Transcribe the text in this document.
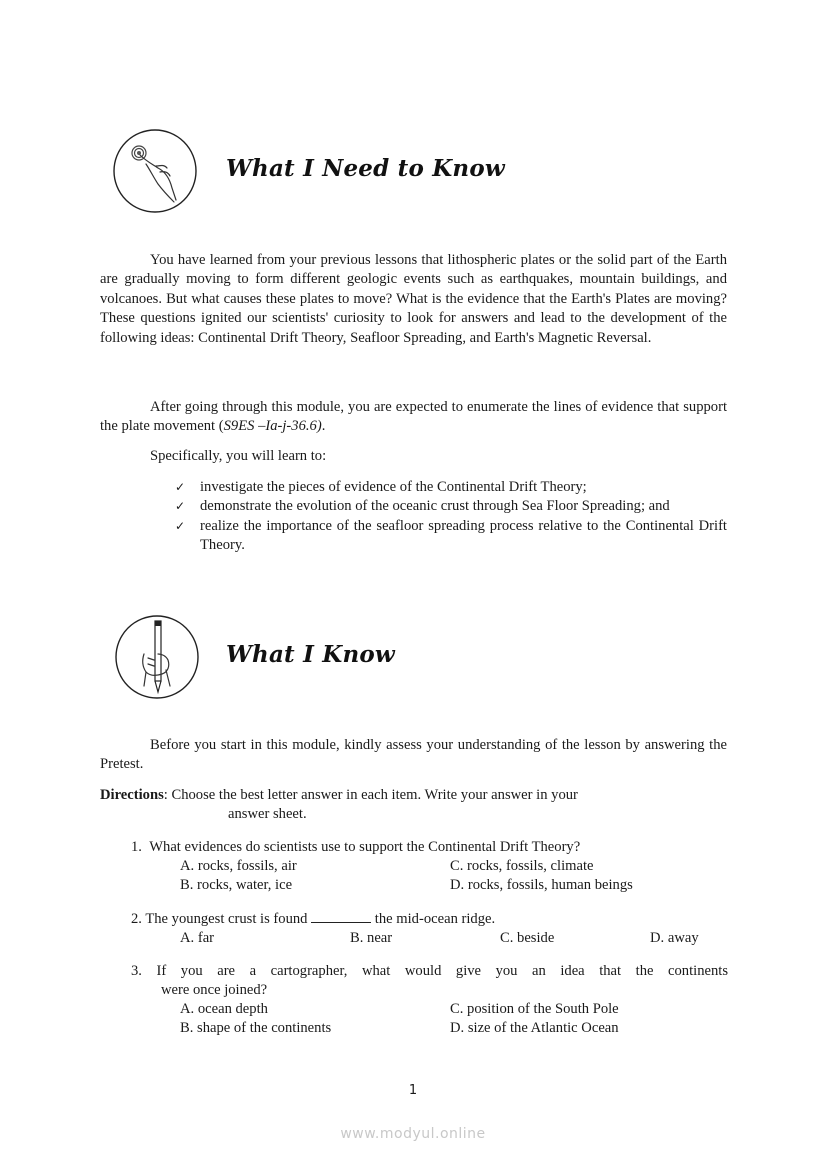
What I Need to Know
You have learned from your previous lessons that lithospheric plates or the solid part of the Earth are gradually moving to form different geologic events such as earthquakes, mountain buildings, and volcanoes. But what causes these plates to move? What is the evidence that the Earth's Plates are moving? These questions ignited our scientists' curiosity to look for answers and lead to the development of the following ideas: Continental Drift Theory, Seafloor Spreading, and Earth's Magnetic Reversal.
After going through this module, you are expected to enumerate the lines of evidence that support the plate movement (S9ES –Ia-j-36.6).
Specifically, you will learn to:
✓ investigate the pieces of evidence of the Continental Drift Theory;
✓ demonstrate the evolution of the oceanic crust through Sea Floor Spreading; and
✓ realize the importance of the seafloor spreading process relative to the Continental Drift Theory.
What I Know
Before you start in this module, kindly assess your understanding of the lesson by answering the Pretest.
Directions: Choose the best letter answer in each item. Write your answer in your
answer sheet.
1. What evidences do scientists use to support the Continental Drift Theory?
A. rocks, fossils, air
B. rocks, water, ice
C. rocks, fossils, climate
D. rocks, fossils, human beings
2. The youngest crust is found	the mid-ocean ridge.
A. far	B. near	C. beside	D. away
3. If you are a cartographer, what would give you an idea that the continents
were once joined?
A. ocean depth
B. shape of the continents
C. position of the South Pole
D. size of the Atlantic Ocean
1
www.modyul.online
